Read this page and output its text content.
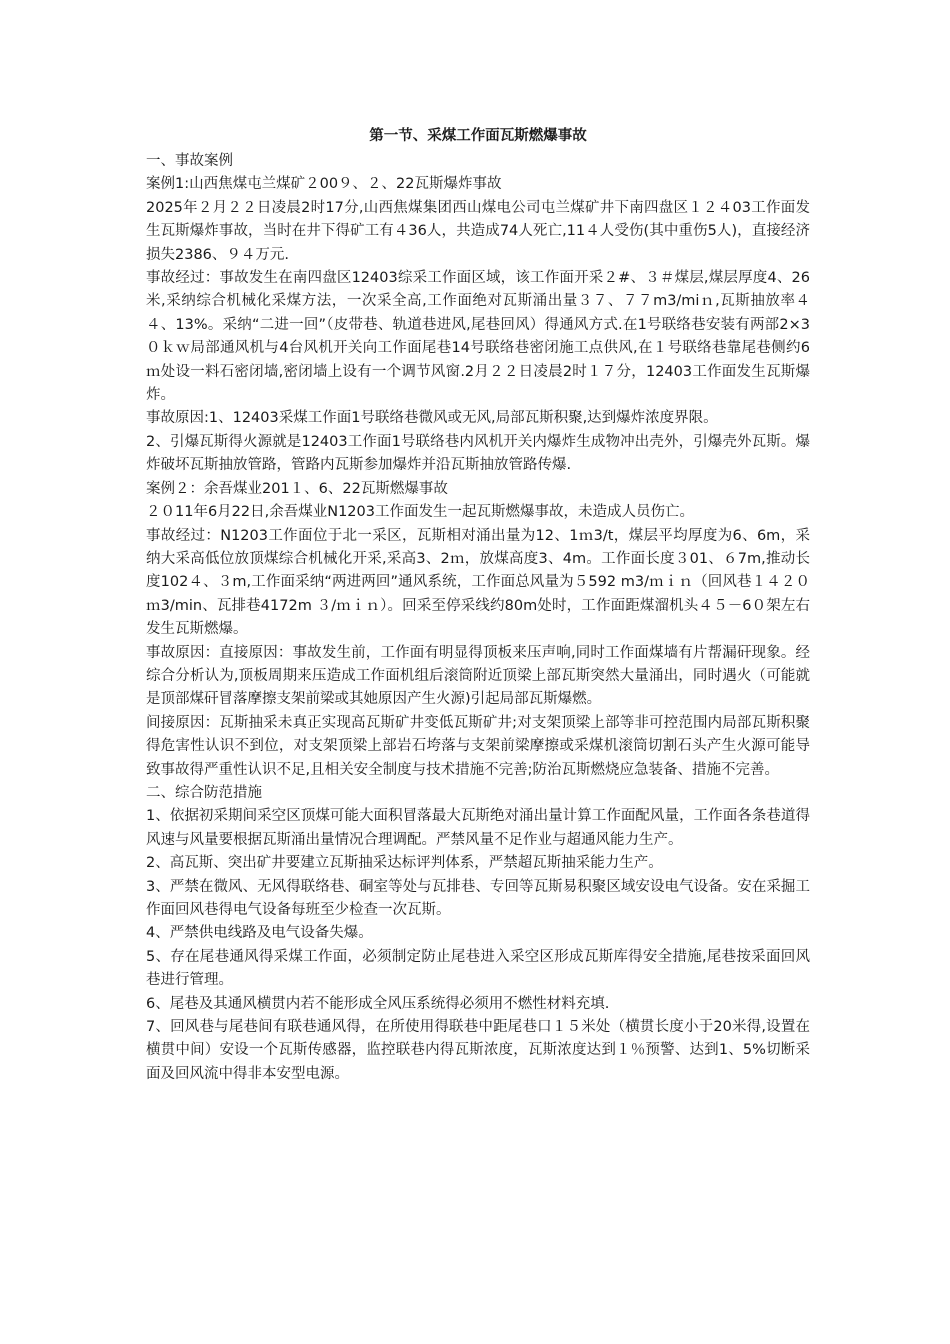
第一节、采煤工作面瓦斯燃爆事故

一、事故案例

案例1:山西焦煤屯兰煤矿２00９、２、22瓦斯爆炸事故

2025年２月２２日凌晨2时17分,山西焦煤集团西山煤电公司屯兰煤矿井下南四盘区１２４03工作面发生瓦斯爆炸事故，当时在井下得矿工有４36人，共造成74人死亡,11４人受伤(其中重伤5人)，直接经济损失2386、９４万元.

事故经过：事故发生在南四盘区12403综采工作面区域，该工作面开采２#、３＃煤层,煤层厚度4、26米,采纳综合机械化采煤方法，一次采全高,工作面绝对瓦斯涌出量３７、７７m3/miｎ,瓦斯抽放率４４、13%。采纳“二进一回”（皮带巷、轨道巷进风,尾巷回风）得通风方式.在1号联络巷安装有两部2×3０ｋｗ局部通风机与4台风机开关向工作面尾巷14号联络巷密闭施工点供风,在１号联络巷靠尾巷侧约6ｍ处设一料石密闭墙,密闭墙上设有一个调节风窗.2月２２日凌晨2时１７分，12403工作面发生瓦斯爆炸。

事故原因:1、12403采煤工作面1号联络巷微风或无风,局部瓦斯积聚,达到爆炸浓度界限。

2、引爆瓦斯得火源就是12403工作面1号联络巷内风机开关内爆炸生成物冲出壳外，引爆壳外瓦斯。爆炸破坏瓦斯抽放管路，管路内瓦斯参加爆炸并沿瓦斯抽放管路传爆.

案例２：余吾煤业201１、6、22瓦斯燃爆事故

２０11年6月22日,余吾煤业N1203工作面发生一起瓦斯燃爆事故，未造成人员伤亡。

事故经过：N1203工作面位于北一采区，瓦斯相对涌出量为12、1ｍ3/t，煤层平均厚度为6、6m，采纳大采高低位放顶煤综合机械化开采,采高3、2ｍ，放煤高度3、4m。工作面长度３01、６7m,推动长度102４、３m,工作面采纳“两进两回”通风系统，工作面总风量为５592 m3/ｍｉｎ（回风巷１４２０ｍ3/min、瓦排巷4172m ３/ｍｉｎ）。回采至停采线约80m处时，工作面距煤溜机头４５－6０架左右发生瓦斯燃爆。

事故原因：直接原因：事故发生前，工作面有明显得顶板来压声响,同时工作面煤墙有片帮漏矸现象。经综合分析认为,顶板周期来压造成工作面机组后滚筒附近顶梁上部瓦斯突然大量涌出，同时遇火（可能就是顶部煤矸冒落摩擦支架前梁或其她原因产生火源)引起局部瓦斯爆燃。

间接原因：瓦斯抽采未真正实现高瓦斯矿井变低瓦斯矿井;对支架顶梁上部等非可控范围内局部瓦斯积聚得危害性认识不到位，对支架顶梁上部岩石垮落与支架前梁摩擦或采煤机滚筒切割石头产生火源可能导致事故得严重性认识不足,且相关安全制度与技术措施不完善;防治瓦斯燃烧应急装备、措施不完善。

二、综合防范措施

1、依据初采期间采空区顶煤可能大面积冒落最大瓦斯绝对涌出量计算工作面配风量，工作面各条巷道得风速与风量要根据瓦斯涌出量情况合理调配。严禁风量不足作业与超通风能力生产。

2、高瓦斯、突出矿井要建立瓦斯抽采达标评判体系，严禁超瓦斯抽采能力生产。

3、严禁在微风、无风得联络巷、硐室等处与瓦排巷、专回等瓦斯易积聚区域安设电气设备。安在采掘工作面回风巷得电气设备每班至少检查一次瓦斯。

4、严禁供电线路及电气设备失爆。

5、存在尾巷通风得采煤工作面，必须制定防止尾巷进入采空区形成瓦斯库得安全措施,尾巷按采面回风巷进行管理。

6、尾巷及其通风横贯内若不能形成全风压系统得必须用不燃性材料充填.

7、回风巷与尾巷间有联巷通风得，在所使用得联巷中距尾巷口１５米处（横贯长度小于20米得,设置在横贯中间）安设一个瓦斯传感器，监控联巷内得瓦斯浓度，瓦斯浓度达到１％预警、达到1、5%切断采面及回风流中得非本安型电源。
